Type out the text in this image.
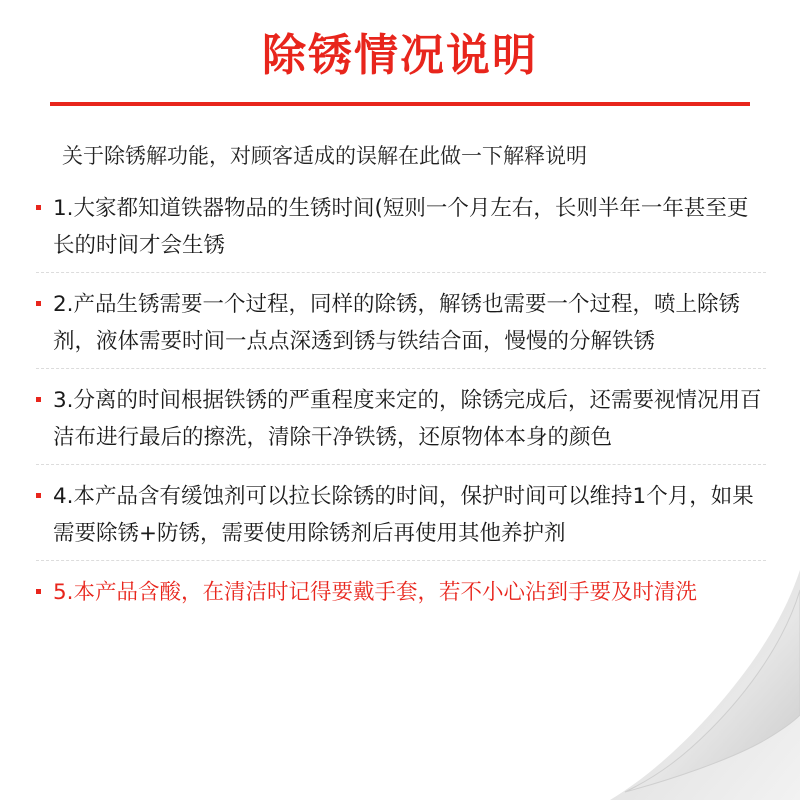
除锈情况说明
关于除锈解功能，对顾客适成的误解在此做一下解释说明
1.大家都知道铁器物品的生锈时间(短则一个月左右，长则半年一年甚至更长的时间才会生锈
2.产品生锈需要一个过程，同样的除锈，解锈也需要一个过程，喷上除锈剂，液体需要时间一点点深透到锈与铁结合面，慢慢的分解铁锈
3.分离的时间根据铁锈的严重程度来定的，除锈完成后，还需要视情况用百洁布进行最后的擦洗，清除干净铁锈，还原物体本身的颜色
4.本产品含有缓蚀剂可以拉长除锈的时间，保护时间可以维持1个月，如果需要除锈+防锈，需要使用除锈剂后再使用其他养护剂
5.本产品含酸，在清洁时记得要戴手套，若不小心沾到手要及时清洗
